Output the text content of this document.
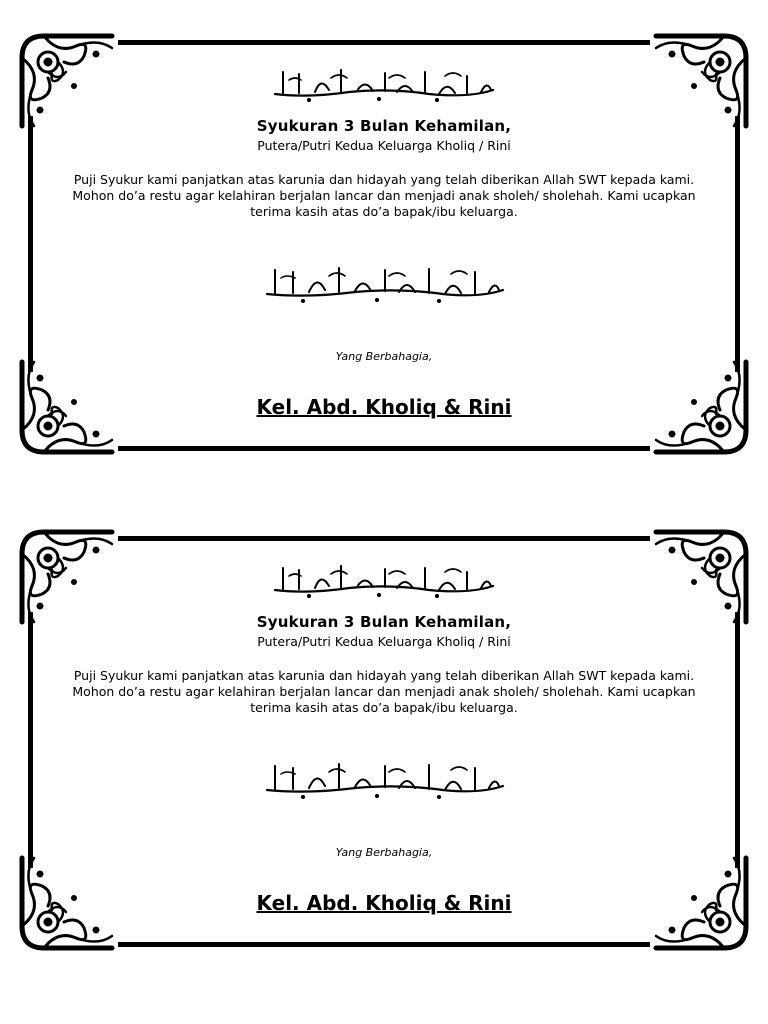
Syukuran 3 Bulan Kehamilan,
Putera/Putri Kedua Keluarga Kholiq / Rini
Puji Syukur kami panjatkan atas karunia dan hidayah yang telah diberikan Allah SWT kepada kami. Mohon do’a restu agar kelahiran berjalan lancar dan menjadi anak sholeh/ sholehah. Kami ucapkan terima kasih atas do’a bapak/ibu keluarga.
Yang Berbahagia,
Kel. Abd. Kholiq & Rini
Syukuran 3 Bulan Kehamilan,
Putera/Putri Kedua Keluarga Kholiq / Rini
Puji Syukur kami panjatkan atas karunia dan hidayah yang telah diberikan Allah SWT kepada kami. Mohon do’a restu agar kelahiran berjalan lancar dan menjadi anak sholeh/ sholehah. Kami ucapkan terima kasih atas do’a bapak/ibu keluarga.
Yang Berbahagia,
Kel. Abd. Kholiq & Rini
